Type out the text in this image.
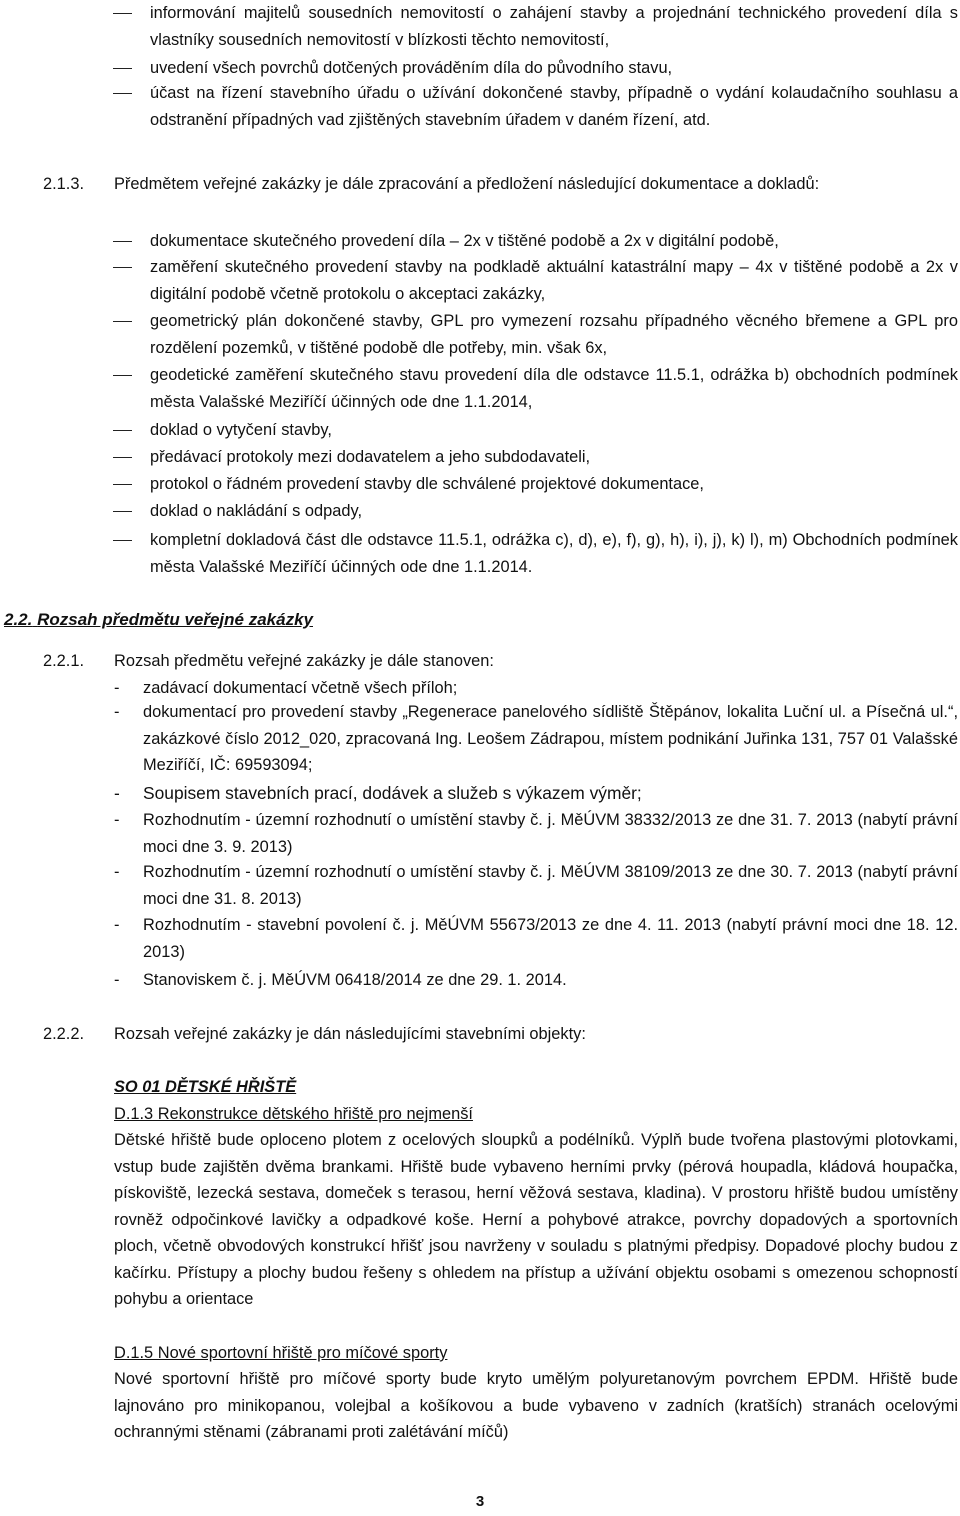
informování majitelů sousedních nemovitostí o zahájení stavby a projednání technického provedení díla s vlastníky sousedních nemovitostí v blízkosti těchto nemovitostí,
uvedení všech povrchů dotčených prováděním díla do původního stavu,
účast na řízení stavebního úřadu o užívání dokončené stavby, případně o vydání kolaudačního souhlasu a odstranění případných vad zjištěných stavebním úřadem v daném řízení, atd.
2.1.3. Předmětem veřejné zakázky je dále zpracování a předložení následující dokumentace a dokladů:
dokumentace skutečného provedení díla – 2x v tištěné podobě a 2x v digitální podobě,
zaměření skutečného provedení stavby na podkladě aktuální katastrální mapy – 4x v tištěné podobě a 2x v digitální podobě včetně protokolu o akceptaci zakázky,
geometrický plán dokončené stavby, GPL pro vymezení rozsahu případného věcného břemene a GPL pro rozdělení pozemků, v tištěné podobě dle potřeby, min. však 6x,
geodetické zaměření skutečného stavu provedení díla dle odstavce 11.5.1, odrážka b) obchodních podmínek města Valašské Meziříčí účinných ode dne 1.1.2014,
doklad o vytyčení stavby,
předávací protokoly mezi dodavatelem a jeho subdodavateli,
protokol o řádném provedení stavby dle schválené projektové dokumentace,
doklad o nakládání s odpady,
kompletní dokladová část dle odstavce 11.5.1, odrážka c), d), e), f), g), h), i), j), k) l), m) Obchodních podmínek města Valašské Meziříčí účinných ode dne 1.1.2014.
2.2. Rozsah předmětu veřejné zakázky
2.2.1. Rozsah předmětu veřejné zakázky je dále stanoven:
- zadávací dokumentací včetně všech příloh;
- dokumentací pro provedení stavby „Regenerace panelového sídliště Štěpánov, lokalita Luční ul. a Písečná ul.“, zakázkové číslo 2012_020, zpracovaná Ing. Leošem Zádrapou, místem podnikání Juřinka 131, 757 01 Valašské Meziříčí, IČ: 69593094;
- Soupisem stavebních prací, dodávek a služeb s výkazem výměr;
- Rozhodnutím - územní rozhodnutí o umístění stavby č. j. MěÚVM 38332/2013 ze dne 31. 7. 2013 (nabytí právní moci dne 3. 9. 2013)
- Rozhodnutím - územní rozhodnutí o umístění stavby č. j. MěÚVM 38109/2013 ze dne 30. 7. 2013 (nabytí právní moci dne 31. 8. 2013)
- Rozhodnutím - stavební povolení č. j. MěÚVM 55673/2013 ze dne 4. 11. 2013 (nabytí právní moci dne 18. 12. 2013)
- Stanoviskem č. j. MěÚVM 06418/2014 ze dne 29. 1. 2014.
2.2.2. Rozsah veřejné zakázky je dán následujícími stavebními objekty:
SO 01 DĚTSKÉ HŘIŠTĚ
D.1.3 Rekonstrukce dětského hřiště pro nejmenší
Dětské hřiště bude oploceno plotem z ocelových sloupků a podélníků. Výplň bude tvořena plastovými plotovkami, vstup bude zajištěn dvěma brankami. Hřiště bude vybaveno herními prvky (pérová houpadla, kládová houpačka, pískoviště, lezecká sestava, domeček s terasou, herní věžová sestava, kladina). V prostoru hřiště budou umístěny rovněž odpočinkové lavičky a odpadkové koše. Herní a pohybové atrakce, povrchy dopadových a sportovních ploch, včetně obvodových konstrukcí hřišť jsou navrženy v souladu s platnými předpisy. Dopadové plochy budou z kačírku. Přístupy a plochy budou řešeny s ohledem na přístup a užívání objektu osobami s omezenou schopností pohybu a orientace
D.1.5 Nové sportovní hřiště pro míčové sporty
Nové sportovní hřiště pro míčové sporty bude kryto umělým polyuretanovým povrchem EPDM. Hřiště bude lajnováno pro minikopanou, volejbal a košíkovou a bude vybaveno v zadních (kratších) stranách ocelovými ochrannými stěnami (zábranami proti zalétávání míčů)
3
